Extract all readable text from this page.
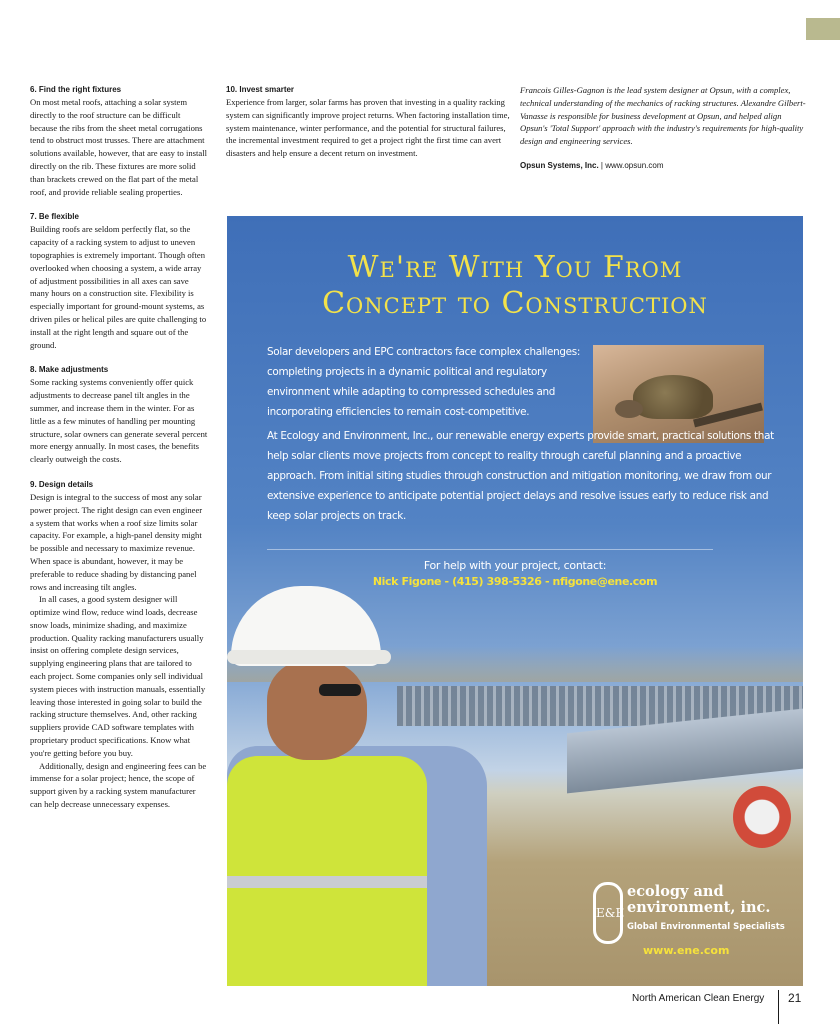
6. Find the right fixtures
On most metal roofs, attaching a solar system directly to the roof structure can be difficult because the ribs from the sheet metal corrugations tend to obstruct most trusses. There are attachment solutions available, however, that are easy to install directly on the rib. These fixtures are more solid than brackets crewed on the flat part of the metal roof, and provide reliable sealing properties.
7. Be flexible
Building roofs are seldom perfectly flat, so the capacity of a racking system to adjust to uneven topographies is extremely important. Though often overlooked when choosing a system, a wide array of adjustment possibilities in all axes can save many hours on a construction site. Flexibility is especially important for ground-mount systems, as driven piles or helical piles are quite challenging to install at the right length and square out of the ground.
8. Make adjustments
Some racking systems conveniently offer quick adjustments to decrease panel tilt angles in the summer, and increase them in the winter. For as little as a few minutes of handling per mounting structure, solar owners can generate several percent more energy annually. In most cases, the benefits clearly outweigh the costs.
9. Design details
Design is integral to the success of most any solar power project. The right design can even engineer a system that works when a roof size limits solar capacity. For example, a high-panel density might be possible and necessary to maximize revenue. When space is abundant, however, it may be preferable to reduce shading by distancing panel rows and increasing tilt angles.
In all cases, a good system designer will optimize wind flow, reduce wind loads, decrease snow loads, minimize shading, and maximize production. Quality racking manufacturers usually insist on offering complete design services, supplying engineering plans that are tailored to each project. Some companies only sell individual system pieces with instruction manuals, essentially leaving those interested in going solar to build the racking structure themselves. And, other racking suppliers provide CAD software templates with proprietary product specifications. Know what you're getting before you buy.
Additionally, design and engineering fees can be immense for a solar project; hence, the scope of support given by a racking system manufacturer can help decrease unnecessary expenses.
10. Invest smarter
Experience from larger, solar farms has proven that investing in a quality racking system can significantly improve project returns. When factoring installation time, system maintenance, winter performance, and the potential for structural failures, the incremental investment required to get a project right the first time can avert disasters and help ensure a decent return on investment.
Francois Gilles-Gagnon is the lead system designer at Opsun, with a complex, technical understanding of the mechanics of racking structures. Alexandre Gilbert-Vanasse is responsible for business development at Opsun, and helped align Opsun's 'Total Support' approach with the industry's requirements for high-quality design and engineering services.
Opsun Systems, Inc. | www.opsun.com
We're With You From
Concept to Construction
Solar developers and EPC contractors face complex challenges: completing projects in a dynamic political and regulatory environment while adapting to compressed schedules and incorporating efficiencies to remain cost-competitive.
At Ecology and Environment, Inc., our renewable energy experts provide smart, practical solutions that help solar clients move projects from concept to reality through careful planning and a proactive approach. From initial siting studies through construction and mitigation monitoring, we draw from our extensive experience to anticipate potential project delays and resolve issues early to reduce risk and keep solar projects on track.
For help with your project, contact:
Nick Figone - (415) 398-5326 - nfigone@ene.com
E&E
ecology and environment, inc.
Global Environmental Specialists
www.ene.com
North American Clean Energy 21
